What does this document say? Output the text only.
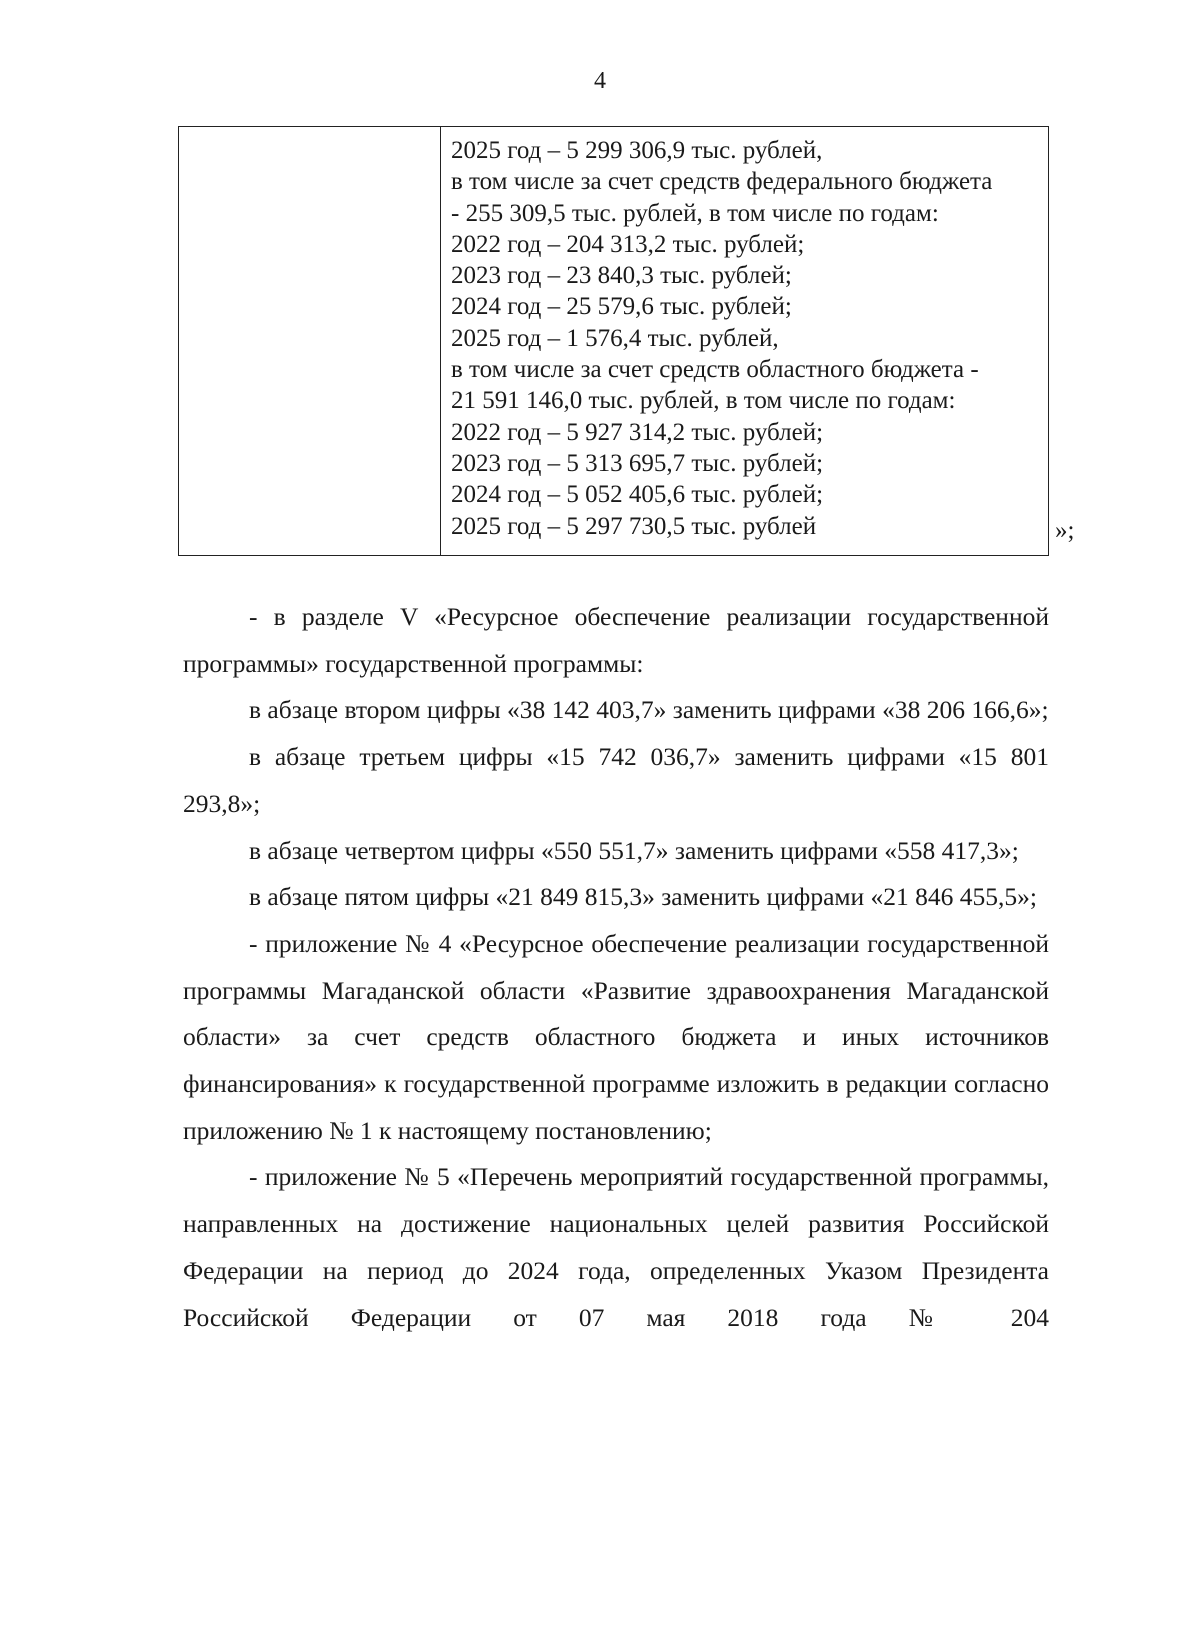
4
2025 год – 5 299 306,9 тыс. рублей,
в том числе за счет средств федерального бюджета
- 255 309,5 тыс. рублей, в том числе по годам:
2022 год – 204 313,2 тыс. рублей;
2023 год – 23 840,3 тыс. рублей;
2024 год – 25 579,6 тыс. рублей;
2025 год – 1 576,4 тыс. рублей,
в том числе за счет средств областного бюджета -
21 591 146,0 тыс. рублей, в том числе по годам:
2022 год – 5 927 314,2 тыс. рублей;
2023 год – 5 313 695,7 тыс. рублей;
2024 год – 5 052 405,6 тыс. рублей;
2025 год – 5 297 730,5 тыс. рублей	»;

- в разделе V «Ресурсное обеспечение реализации государственной программы» государственной программы:

в абзаце втором цифры «38 142 403,7» заменить цифрами «38 206 166,6»;

в абзаце третьем цифры «15 742 036,7» заменить цифрами «15 801 293,8»;

в абзаце четвертом цифры «550 551,7» заменить цифрами «558 417,3»;

в абзаце пятом цифры «21 849 815,3» заменить цифрами «21 846 455,5»;

- приложение № 4 «Ресурсное обеспечение реализации государственной программы Магаданской области «Развитие здравоохранения Магаданской области» за счет средств областного бюджета и иных источников финансирования» к государственной программе изложить в редакции согласно приложению № 1 к настоящему постановлению;

- приложение № 5 «Перечень мероприятий государственной программы, направленных на достижение национальных целей развития Российской Федерации на период до 2024 года, определенных Указом Президента Российской Федерации от 07 мая 2018 года № 204
